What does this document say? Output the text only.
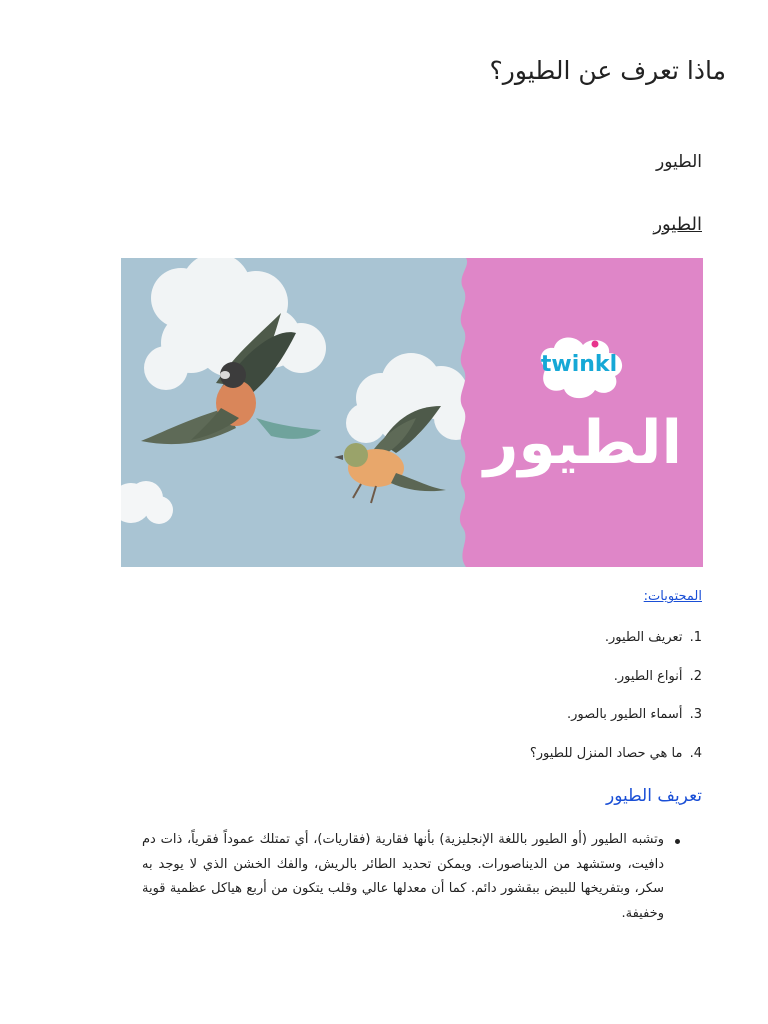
ماذا تعرف عن الطيور؟

الطيور

الطيور
twinkl
الطيور
المحتويات:
1. تعريف الطيور.
2. أنواع الطيور.
3. أسماء الطيور بالصور.
4. ما هي حصاد المنزل للطيور؟
تعريف الطيور
وتشبه الطيور (أو الطيور باللغة الإنجليزية) بأنها فقارية (فقاريات)، أي تمتلك عموداً فقرياً، ذات دم دافيت، وستشهد من الديناصورات. ويمكن تحديد الطائر بالريش، والفك الخشن الذي لا يوجد به سكر، وبتفريخها للبيض ببقشور دائم. كما أن معدلها عالي وقلب يتكون من أربع هياكل عظمية قوية وخفيفة.
